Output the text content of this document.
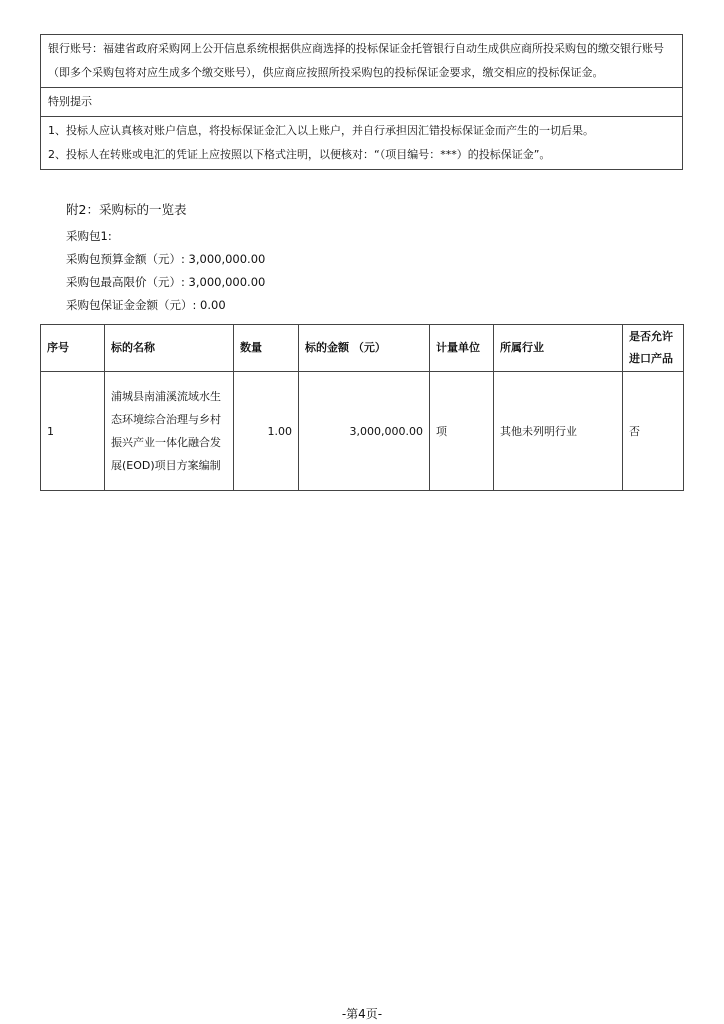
银行账号：福建省政府采购网上公开信息系统根据供应商选择的投标保证金托管银行自动生成供应商所投采购包的缴交银行账号（即多个采购包将对应生成多个缴交账号），供应商应按照所投采购包的投标保证金要求，缴交相应的投标保证金。
特别提示
1、投标人应认真核对账户信息，将投标保证金汇入以上账户，并自行承担因汇错投标保证金而产生的一切后果。
2、投标人在转账或电汇的凭证上应按照以下格式注明，以便核对：“（项目编号：***）的投标保证金”。
附2：采购标的一览表
采购包1:
采购包预算金额（元）: 3,000,000.00
采购包最高限价（元）: 3,000,000.00
采购包保证金金额（元）: 0.00
序号	标的名称	数量	标的金额 （元）	计量单位	所属行业	是否允许进口产品
1	浦城县南浦溪流域水生态环境综合治理与乡村振兴产业一体化融合发展(EOD)项目方案编制	1.00	3,000,000.00	项	其他未列明行业	否
-第4页-
